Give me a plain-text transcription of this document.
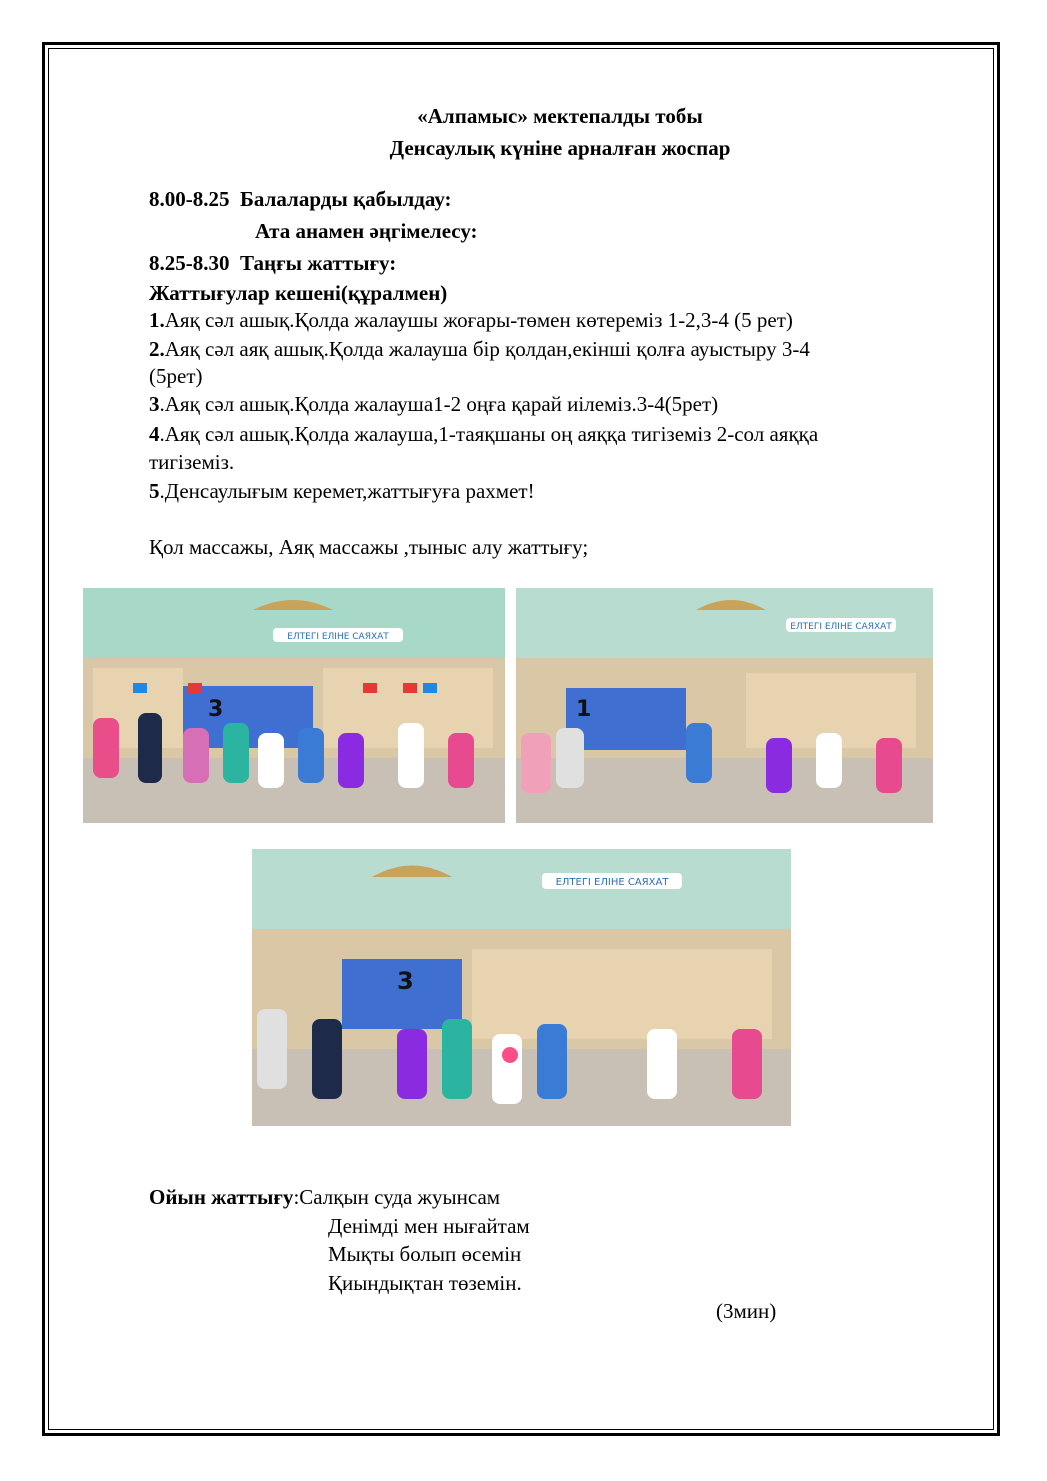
«Алпамыс» мектепалды тобы
Денсаулық күніне арналған жоспар
8.00-8.25 Балаларды қабылдау:
Ата анамен әңгімелесу:
8.25-8.30 Таңғы жаттығу:
Жаттығулар кешені(құралмен)
1.Аяқ сәл ашық.Қолда жалаушы жоғары-төмен көтереміз 1-2,3-4 (5 рет)
2.Аяқ сәл аяқ ашық.Қолда жалауша бір қолдан,екінші қолға ауыстыру 3-4
(5рет)
3.Аяқ сәл ашық.Қолда жалауша1-2 оңға қарай иілеміз.3-4(5рет)
4.Аяқ сәл ашық.Қолда жалауша,1-таяқшаны оң аяққа тигіземіз 2-сол аяққа
тигіземіз.
5.Денсаулығым керемет,жаттығуға рахмет!
Қол массажы, Аяқ массажы ,тыныс алу жаттығу;
ЕЛТЕГІ ЕЛІНЕ САЯХАТ
3
ЕЛТЕГІ ЕЛІНЕ САЯХАТ
1
ЕЛТЕГІ ЕЛІНЕ САЯХАТ
3
Ойын жаттығу:Салқын суда жуынсам
Денімді мен нығайтам
Мықты болып өсемін
Қиындықтан төземін.
(3мин)
